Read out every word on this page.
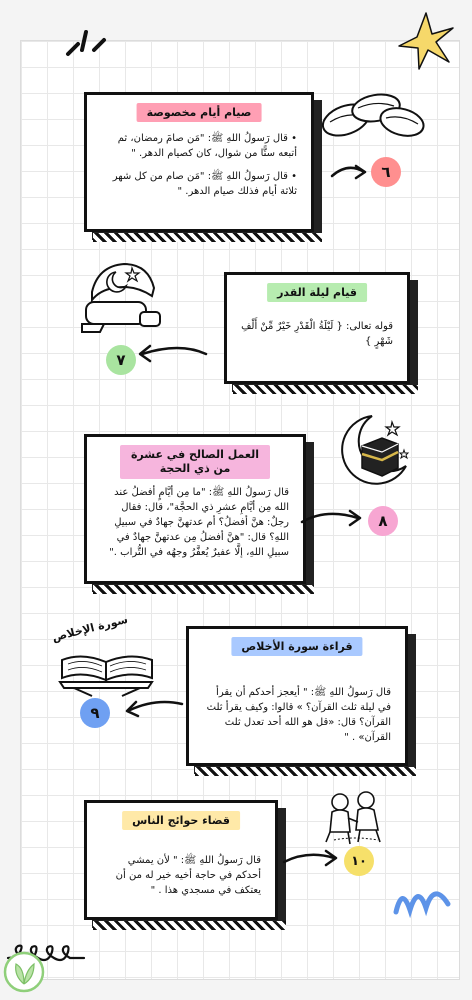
صيام أيام مخصوصة

• قال رَسولُ اللهِ ﷺ: "مَن صامَ رمضان، ثم أتبعه ستًّا من شوال، كان كصيام الدهر. "

• قال رَسولُ اللهِ ﷺ: "مَن صام من كل شهر ثلاثة أيام فذلك صيام الدهر. "

٦
قيام ليلة القدر

قوله تعالى: { لَيْلَةُ الْقَدْرِ خَيْرٌ مِّنْ أَلْفِ شَهْرٍ }

٧
العمل الصالح في عشرة من ذي الحجة

قال رَسولُ اللهِ ﷺ: "ما مِن أيَّامٍ أفضلُ عند الله مِن أيَّامِ عشرِ ذي الحجَّة"، قال: فقال رجلٌ: هنَّ أفضلُ؟ أم عدتهنَّ جهادٌ في سبيلِ اللهِ؟ قال: "هنَّ أفضلُ مِن عدتهنَّ جهادٌ في سبيلِ اللهِ، إلَّا عفيرٌ يُعفَّرُ وجهُه في التُّراب ."

٨
قراءة سورة الأخلاص

قال رَسولُ اللهِ ﷺ: " أيعجز أحدكم أن يقرأ في ليلة ثلث القرآن؟ » قالوا: وكيف يقرأ ثلث القرآن؟ قال: «قل هو الله أحد تعدل ثلث القرآن» . "

سورة الإخلاص
٩
قضاء حوائج الناس

قال رَسولُ اللهِ ﷺ: " لأن يمشي أحدكم في حاجة أخيه خير له من أن يعتكف في مسجدي هذا . "

١٠
